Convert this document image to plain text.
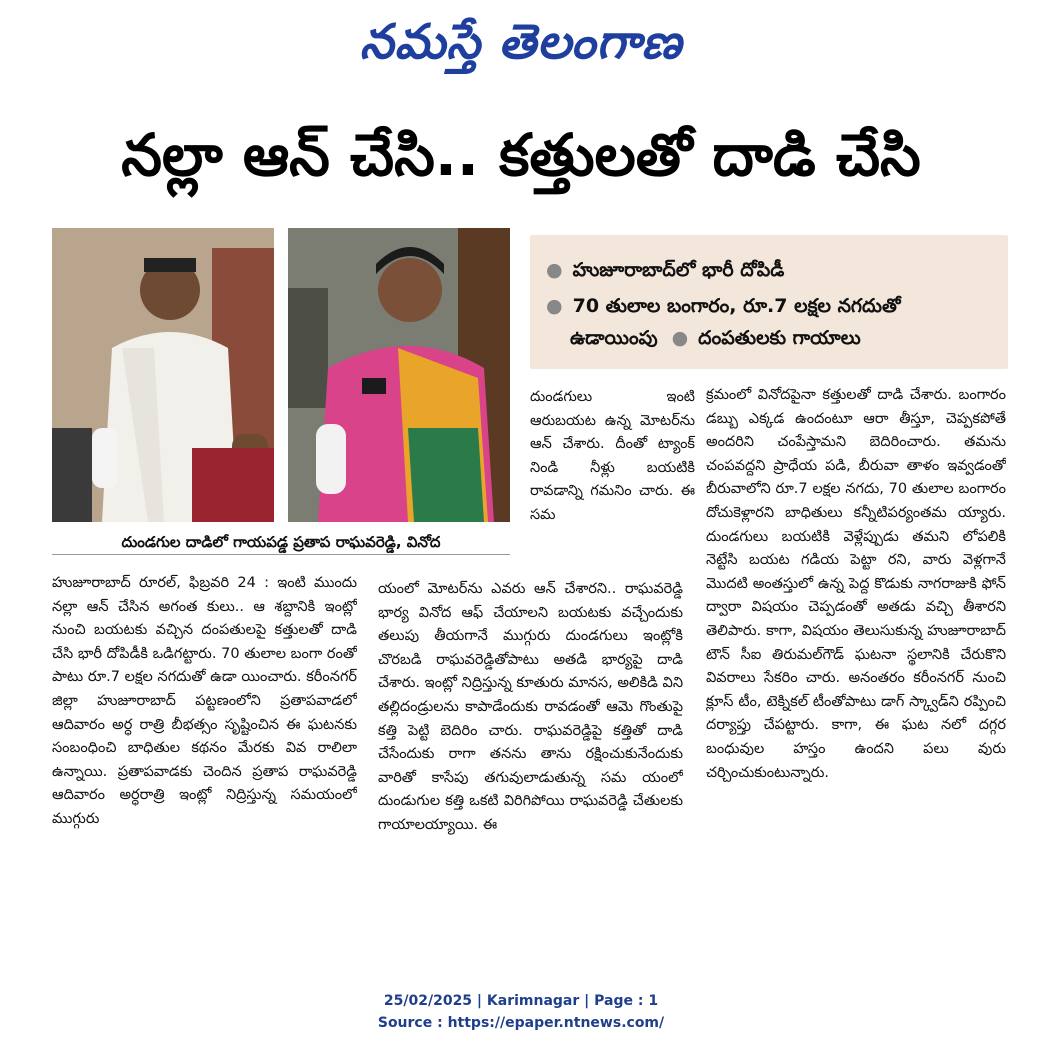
నమస్తే తెలంగాణ
నల్లా ఆన్ చేసి.. కత్తులతో దాడి చేసి
దుండగుల దాడిలో గాయపడ్డ ప్రతాప రాఘవరెడ్డి, వినోద
● హుజూరాబాద్‌లో భారీ దోపిడీ
● 70 తులాల బంగారం, రూ.7 లక్షల నగదుతో
ఉడాయింపు ● దంపతులకు గాయాలు

దుండగులు ఇంటి ఆరుబయట ఉన్న మోటర్‌ను ఆన్ చేశారు. దీంతో ట్యాంక్ నిండి నీళ్లు బయటికి రావడాన్ని గమనిం చారు. ఈ సమ

హుజూరాబాద్ రూరల్, ఫిబ్రవరి 24 : ఇంటి ముందు నల్లా ఆన్ చేసిన అగంత కులు.. ఆ శబ్దానికి ఇంట్లో నుంచి బయటకు వచ్చిన దంపతులపై కత్తులతో దాడి చేసి భారీ దోపిడీకి ఒడిగట్టారు. 70 తులాల బంగా రంతో పాటు రూ.7 లక్షల నగదుతో ఉడా యించారు. కరీంనగర్ జిల్లా హుజూరాబాద్ పట్టణంలోని ప్రతాపవాడలో ఆదివారం అర్ధ రాత్రి బీభత్సం సృష్టించిన ఈ ఘటనకు సంబంధించి బాధితుల కథనం మేరకు వివ రాలిలా ఉన్నాయి. ప్రతాపవాడకు చెందిన ప్రతాప రాఘవరెడ్డి ఆదివారం అర్ధరాత్రి ఇంట్లో నిద్రిస్తున్న సమయంలో ముగ్గురు

యంలో మోటర్‌ను ఎవరు ఆన్ చేశారని.. రాఘవరెడ్డి భార్య వినోద ఆఫ్ చేయాలని బయటకు వచ్చేందుకు తలుపు తీయగానే ముగ్గురు దుండగులు ఇంట్లోకి చొరబడి రాఘవరెడ్డితోపాటు అతడి భార్యపై దాడి చేశారు. ఇంట్లో నిద్రిస్తున్న కూతురు మానస, అలికిడి విని తల్లిదండ్రులను కాపాడేందుకు రావడంతో ఆమె గొంతుపై కత్తి పెట్టి బెదిరిం చారు. రాఘవరెడ్డిపై కత్తితో దాడి చేసేందుకు రాగా తనను తాను రక్షించుకునేందుకు వారితో కాసేపు తగువులాడుతున్న సమ యంలో దుండుగుల కత్తి ఒకటి విరిగిపోయి రాఘవరెడ్డి చేతులకు గాయాలయ్యాయి. ఈ

క్రమంలో వినోదపైనా కత్తులతో దాడి చేశారు. బంగారం డబ్బు ఎక్కడ ఉందంటూ ఆరా తీస్తూ, చెప్పకపోతే అందరిని చంపేస్తామని బెదిరించారు. తమను చంపవద్దని ప్రాధేయ పడి, బీరువా తాళం ఇవ్వడంతో బీరువాలోని రూ.7 లక్షల నగదు, 70 తులాల బంగారం దోచుకెళ్లారని బాధితులు కన్నీటిపర్యంతమ య్యారు. దుండగులు బయటికి వెళ్లేప్పుడు తమని లోపలికి నెట్టేసి బయట గడియ పెట్టా రని, వారు వెళ్లగానే మొదటి అంతస్తులో ఉన్న పెద్ద కొడుకు నాగరాజుకి ఫోన్ ద్వారా విషయం చెప్పడంతో అతడు వచ్చి తీశారని తెలిపారు. కాగా, విషయం తెలుసుకున్న హుజూరాబాద్ టౌన్ సీఐ తిరుమల్‌గౌడ్ ఘటనా స్థలానికి చేరుకొని వివరాలు సేకరిం చారు. అనంతరం కరీంనగర్ నుంచి క్లూస్ టీం, టెక్నికల్ టీంతోపాటు డాగ్ స్క్వాడ్‌ని రప్పించి దర్యాప్తు చేపట్టారు. కాగా, ఈ ఘట నలో దగ్గర బంధువుల హస్తం ఉందని పలు వురు చర్చించుకుంటున్నారు.

25/02/2025 | Karimnagar | Page : 1
Source : https://epaper.ntnews.com/
